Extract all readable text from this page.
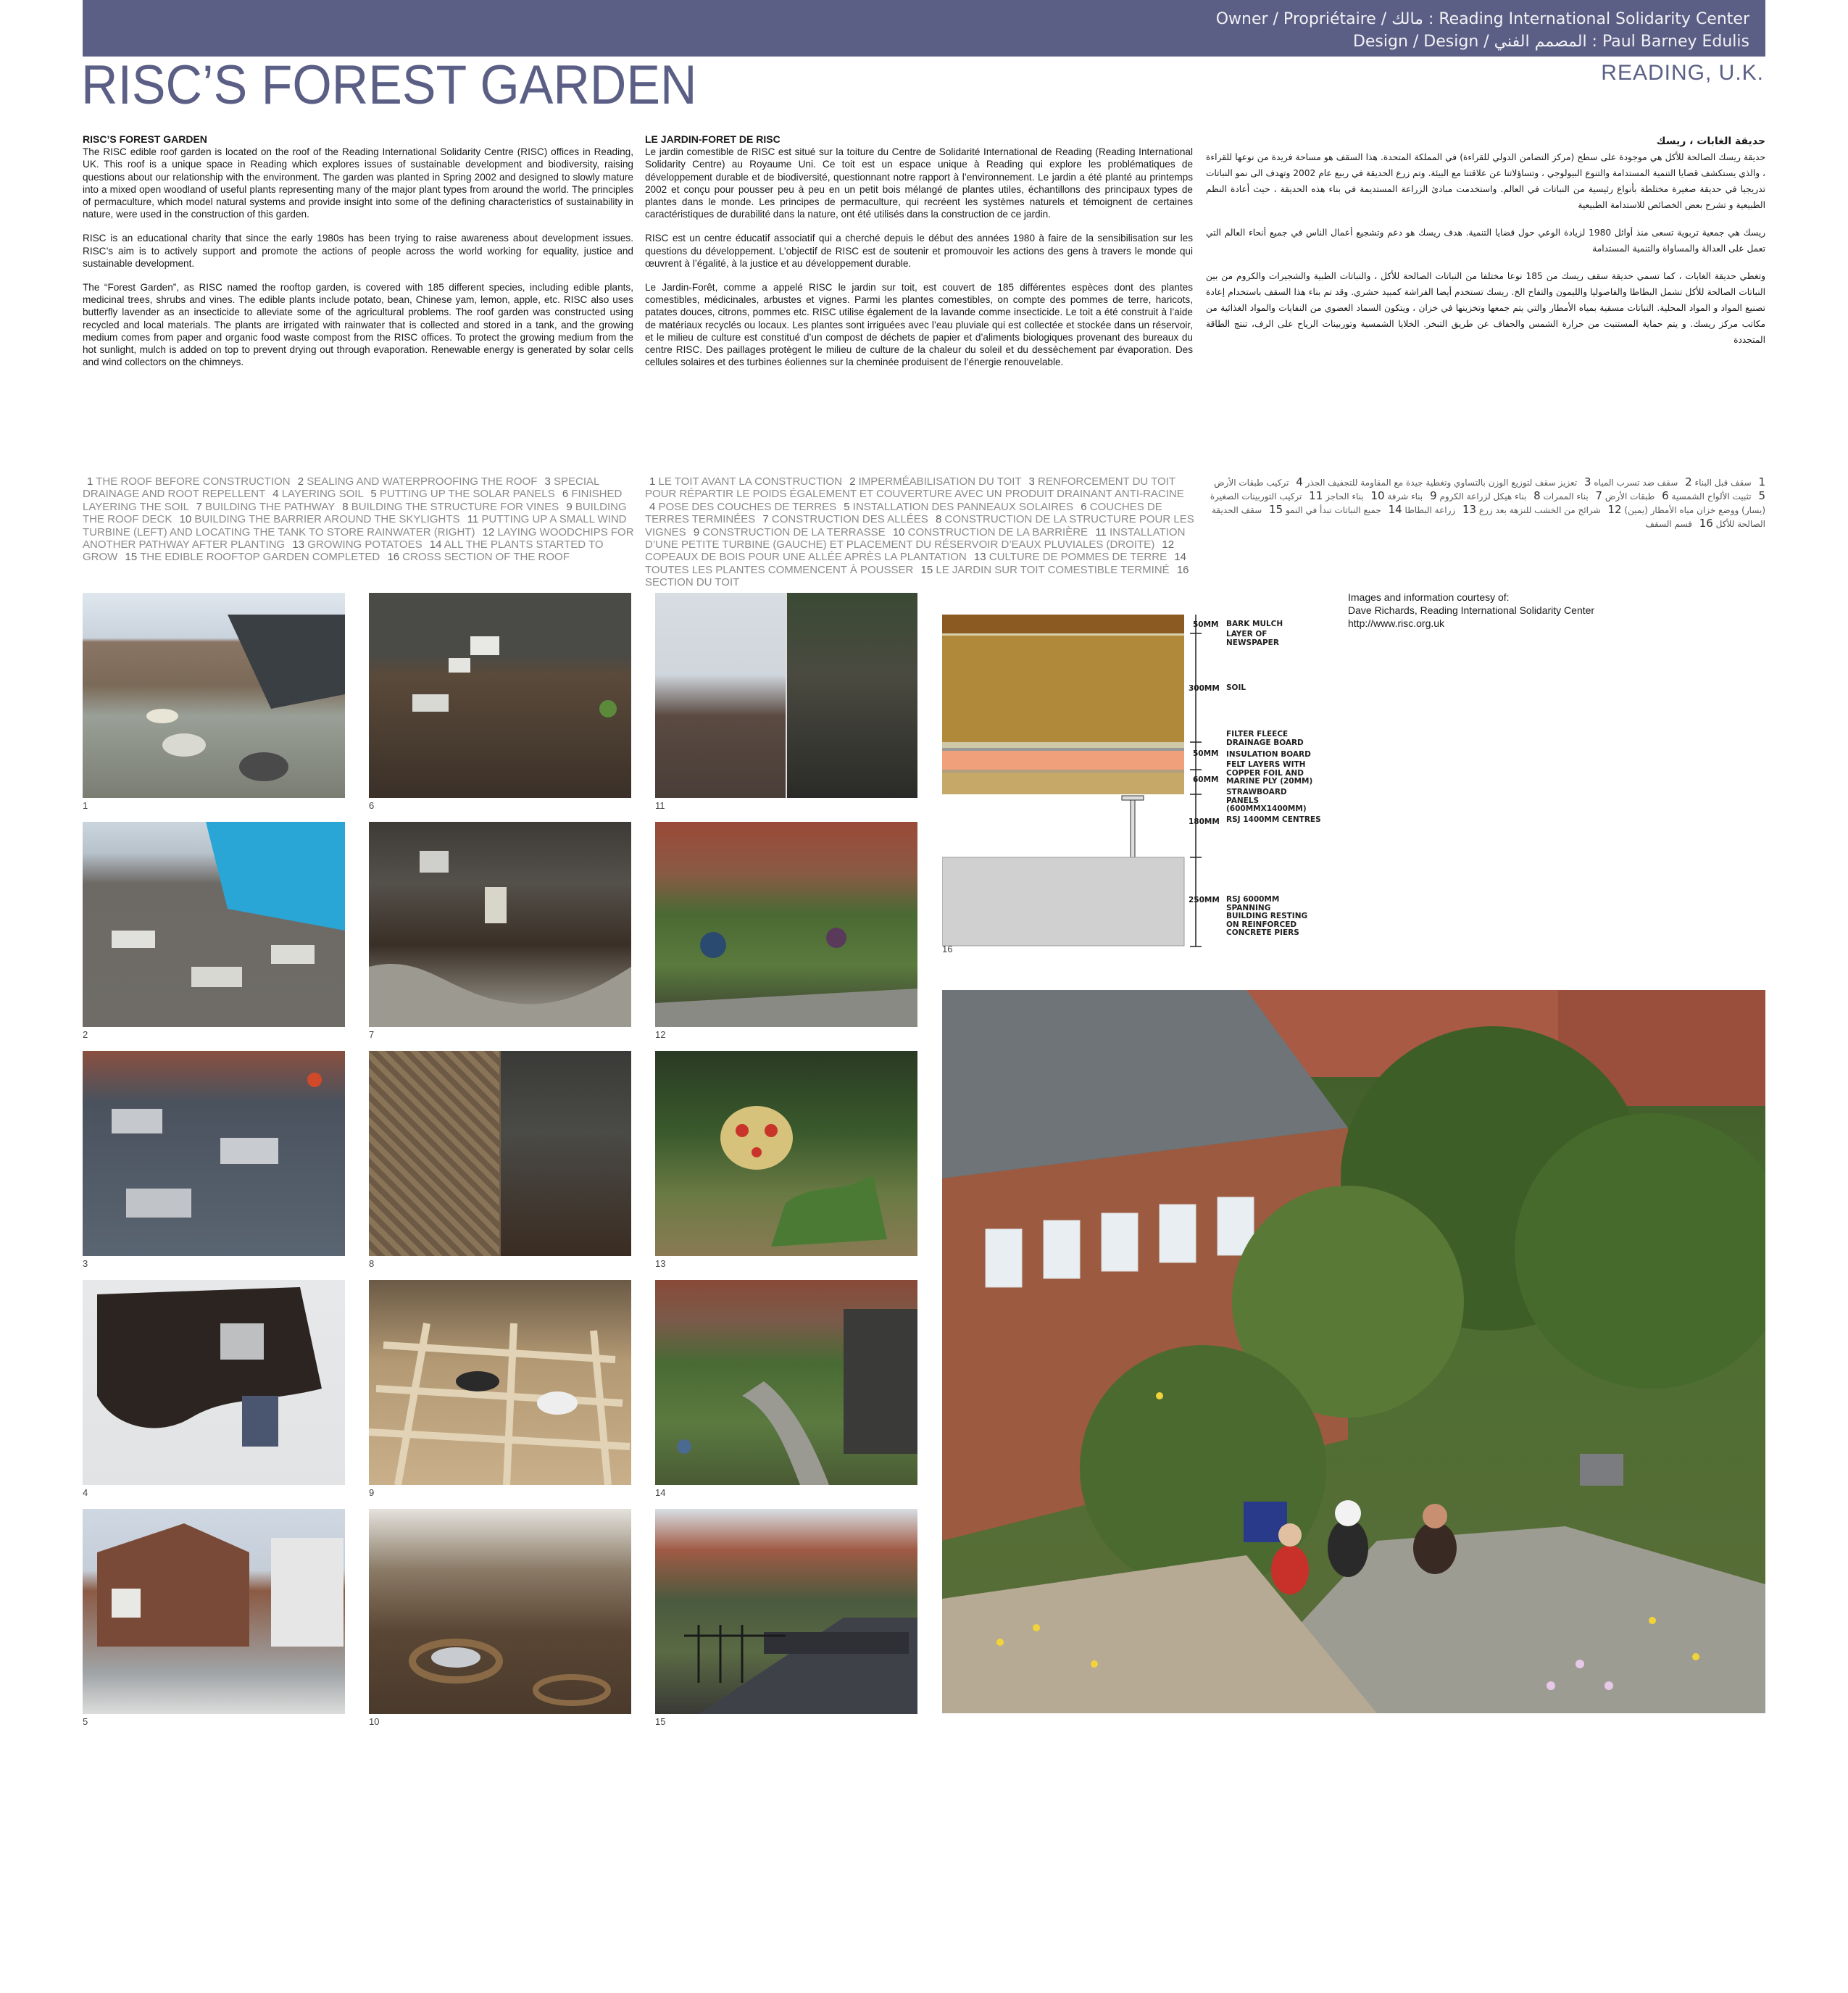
Owner / Propriétaire / مالك : Reading International Solidarity Center
Design / Design / المصمم الفني : Paul Barney Edulis
RISC’S FOREST GARDEN	READING, U.K.
RISC’S FOREST GARDEN

The RISC edible roof garden is located on the roof of the Reading International Solidarity Centre (RISC) offices in Reading, UK. This roof is a unique space in Reading which explores issues of sustainable development and biodiversity, raising questions about our relationship with the environment. The garden was planted in Spring 2002 and designed to slowly mature into a mixed open woodland of useful plants representing many of the major plant types from around the world. The principles of permaculture, which model natural systems and provide insight into some of the defining characteristics of sustainability in nature, were used in the construction of this garden.

RISC is an educational charity that since the early 1980s has been trying to raise awareness about development issues. RISC’s aim is to actively support and promote the actions of people across the world working for equality, justice and sustainable development.

The “Forest Garden”, as RISC named the rooftop garden, is covered with 185 different species, including edible plants, medicinal trees, shrubs and vines. The edible plants include potato, bean, Chinese yam, lemon, apple, etc. RISC also uses butterfly lavender as an insecticide to alleviate some of the agricultural problems. The roof garden was constructed using recycled and local materials. The plants are irrigated with rainwater that is collected and stored in a tank, and the growing medium comes from paper and organic food waste compost from the RISC offices. To protect the growing medium from the hot sunlight, mulch is added on top to prevent drying out through evaporation. Renewable energy is generated by solar cells and wind collectors on the chimneys.

LE JARDIN-FORET DE RISC

Le jardin comestible de RISC est situé sur la toiture du Centre de Solidarité International de Reading (Reading International Solidarity Centre) au Royaume Uni. Ce toit est un espace unique à Reading qui explore les problématiques de développement durable et de biodiversité, questionnant notre rapport à l’environnement. Le jardin a été planté au printemps 2002 et conçu pour pousser peu à peu en un petit bois mélangé de plantes utiles, échantillons des principaux types de plantes dans le monde. Les principes de permaculture, qui recréent les systèmes naturels et témoignent de certaines caractéristiques de durabilité dans la nature, ont été utilisés dans la construction de ce jardin.

RISC est un centre éducatif associatif qui a cherché depuis le début des années 1980 à faire de la sensibilisation sur les questions du développement. L’objectif de RISC est de soutenir et promouvoir les actions des gens à travers le monde qui œuvrent à l’égalité, à la justice et au développement durable.

Le Jardin-Forêt, comme a appelé RISC le jardin sur toit, est couvert de 185 différentes espèces dont des plantes comestibles, médicinales, arbustes et vignes. Parmi les plantes comestibles, on compte des pommes de terre, haricots, patates douces, citrons, pommes etc. RISC utilise également de la lavande comme insecticide. Le toit a été construit à l’aide de matériaux recyclés ou locaux. Les plantes sont irriguées avec l’eau pluviale qui est collectée et stockée dans un réservoir, et le milieu de culture est constitué d’un compost de déchets de papier et d’aliments biologiques provenant des bureaux du centre RISC. Des paillages protègent le milieu de culture de la chaleur du soleil et du dessèchement par évaporation. Des cellules solaires et des turbines éoliennes sur la cheminée produisent de l’énergie renouvelable.

حديقة الغابات ، ريسك

حديقة ريسك الصالحة للأكل هي موجودة على سطح (مركز التضامن الدولي للقراءة) في المملكة المتحدة. هذا السقف هو مساحة فريدة من نوعها للقراءة ، والذي يستكشف قضايا التنمية المستدامة والتنوع البيولوجي ، وتساؤلاتنا عن علاقتنا مع البيئة. وتم زرع الحديقة في ربيع عام 2002 وتهدف الى نمو النباتات تدريجيا في حديقة صغيرة مختلطة بأنواع رئيسية من النباتات في العالم. واستخدمت مبادئ الزراعة المستديمة في بناء هذه الحديقة ، حيث أعادة النظم الطبيعية و تشرح بعض الخصائص للاستدامة الطبيعية

ريسك هي جمعية تربوية تسعى منذ أوائل 1980 لزيادة الوعي حول قضايا التنمية. هدف ريسك هو دعم وتشجيع أعمال الناس في جميع أنحاء العالم التي تعمل على العدالة والمساواة والتنمية المستدامة

وتغطي حديقة الغابات ، كما تسمي حديقة سقف ريسك من 185 نوعا مختلفا من النباتات الصالحة للأكل ، والنباتات الطبية والشجيرات والكروم من بين النباتات الصالحة للأكل تشمل البطاطا والفاصوليا والليمون والتفاح الخ. ريسك تستخدم أيضا الفراشة كمبيد حشري. وقد تم بناء هذا السقف باستخدام إعادة تصنيع المواد و المواد المحلية. النباتات مسقية بمياه الأمطار والتي يتم جمعها وتخزينها في خزان ، ويتكون السماد العضوي من النفايات والمواد الغذائية من مكاتب مركز ريسك. و يتم حماية المستنبت من حرارة الشمس والجفاف عن طريق التبخر. الخلايا الشمسية وتوربينات الرياح على الرف، تنتج الطاقة المتجددة

1 THE ROOF BEFORE CONSTRUCTION 2 SEALING AND WATERPROOFING THE ROOF 3 SPECIAL DRAINAGE AND ROOT REPELLENT 4 LAYERING SOIL 5 PUTTING UP THE SOLAR PANELS 6 FINISHED LAYERING THE SOIL 7 BUILDING THE PATHWAY 8 BUILDING THE STRUCTURE FOR VINES 9 BUILDING THE ROOF DECK 10 BUILDING THE BARRIER AROUND THE SKYLIGHTS 11 PUTTING UP A SMALL WIND TURBINE (LEFT) AND LOCATING THE TANK TO STORE RAINWATER (RIGHT) 12 LAYING WOODCHIPS FOR ANOTHER PATHWAY AFTER PLANTING 13 GROWING POTATOES 14 ALL THE PLANTS STARTED TO GROW 15 THE EDIBLE ROOFTOP GARDEN COMPLETED 16 CROSS SECTION OF THE ROOF
1 LE TOIT AVANT LA CONSTRUCTION 2 IMPERMÉABILISATION DU TOIT 3 RENFORCEMENT DU TOIT POUR RÉPARTIR LE POIDS ÉGALEMENT ET COUVERTURE AVEC UN PRODUIT DRAINANT ANTI-RACINE 4 POSE DES COUCHES DE TERRES 5 INSTALLATION DES PANNEAUX SOLAIRES 6 COUCHES DE TERRES TERMINÉES 7 CONSTRUCTION DES ALLÉES 8 CONSTRUCTION DE LA STRUCTURE POUR LES VIGNES 9 CONSTRUCTION DE LA TERRASSE 10 CONSTRUCTION DE LA BARRIÈRE 11 INSTALLATION D’UNE PETITE TURBINE (GAUCHE) ET PLACEMENT DU RÉSERVOIR D’EAUX PLUVIALES (DROITE) 12 COPEAUX DE BOIS POUR UNE ALLÉE APRÈS LA PLANTATION 13 CULTURE DE POMMES DE TERRE 14 TOUTES LES PLANTES COMMENCENT À POUSSER 15 LE JARDIN SUR TOIT COMESTIBLE TERMINÉ 16 SECTION DU TOIT
1 سقف قبل البناء 2 سقف ضد تسرب المياه 3 تعزيز سقف لتوزيع الوزن بالتساوي وتغطية جيدة مع المقاومة للتجفيف الجذر 4 تركيب طبقات الأرض 5 تثبيت الألواح الشمسية 6 طبقات الأرض 7 بناء الممرات 8 بناء هيكل لزراعة الكروم 9 بناء شرفة 10 بناء الحاجز 11 تركيب التوربينات الصغيرة (يسار) ووضع خزان مياه الأمطار (يمين) 12 شرائح من الخشب للنزهة بعد زرع 13 زراعة البطاطا 14 جميع النباتات تبدأ في النمو 15 سقف الحديقة الصالحة للأكل 16 قسم السقف
1
2
3
4
5
6
7
8
9
10
11
12
13
14
15
Images and information courtesy of:
Dave Richards, Reading International Solidarity Center
http://www.risc.org.uk
50MM
300MM
50MM
60MM
180MM
250MM
BARK MULCH
LAYER OF NEWSPAPER
SOIL
FILTER FLEECE
DRAINAGE BOARD
INSULATION BOARD
FELT LAYERS WITH COPPER FOIL AND MARINE PLY (20MM)
STRAWBOARD PANELS (600MMX1400MM)
RSJ 1400MM CENTRES
RSJ 6000MM SPANNING BUILDING RESTING ON REINFORCED CONCRETE PIERS
16
